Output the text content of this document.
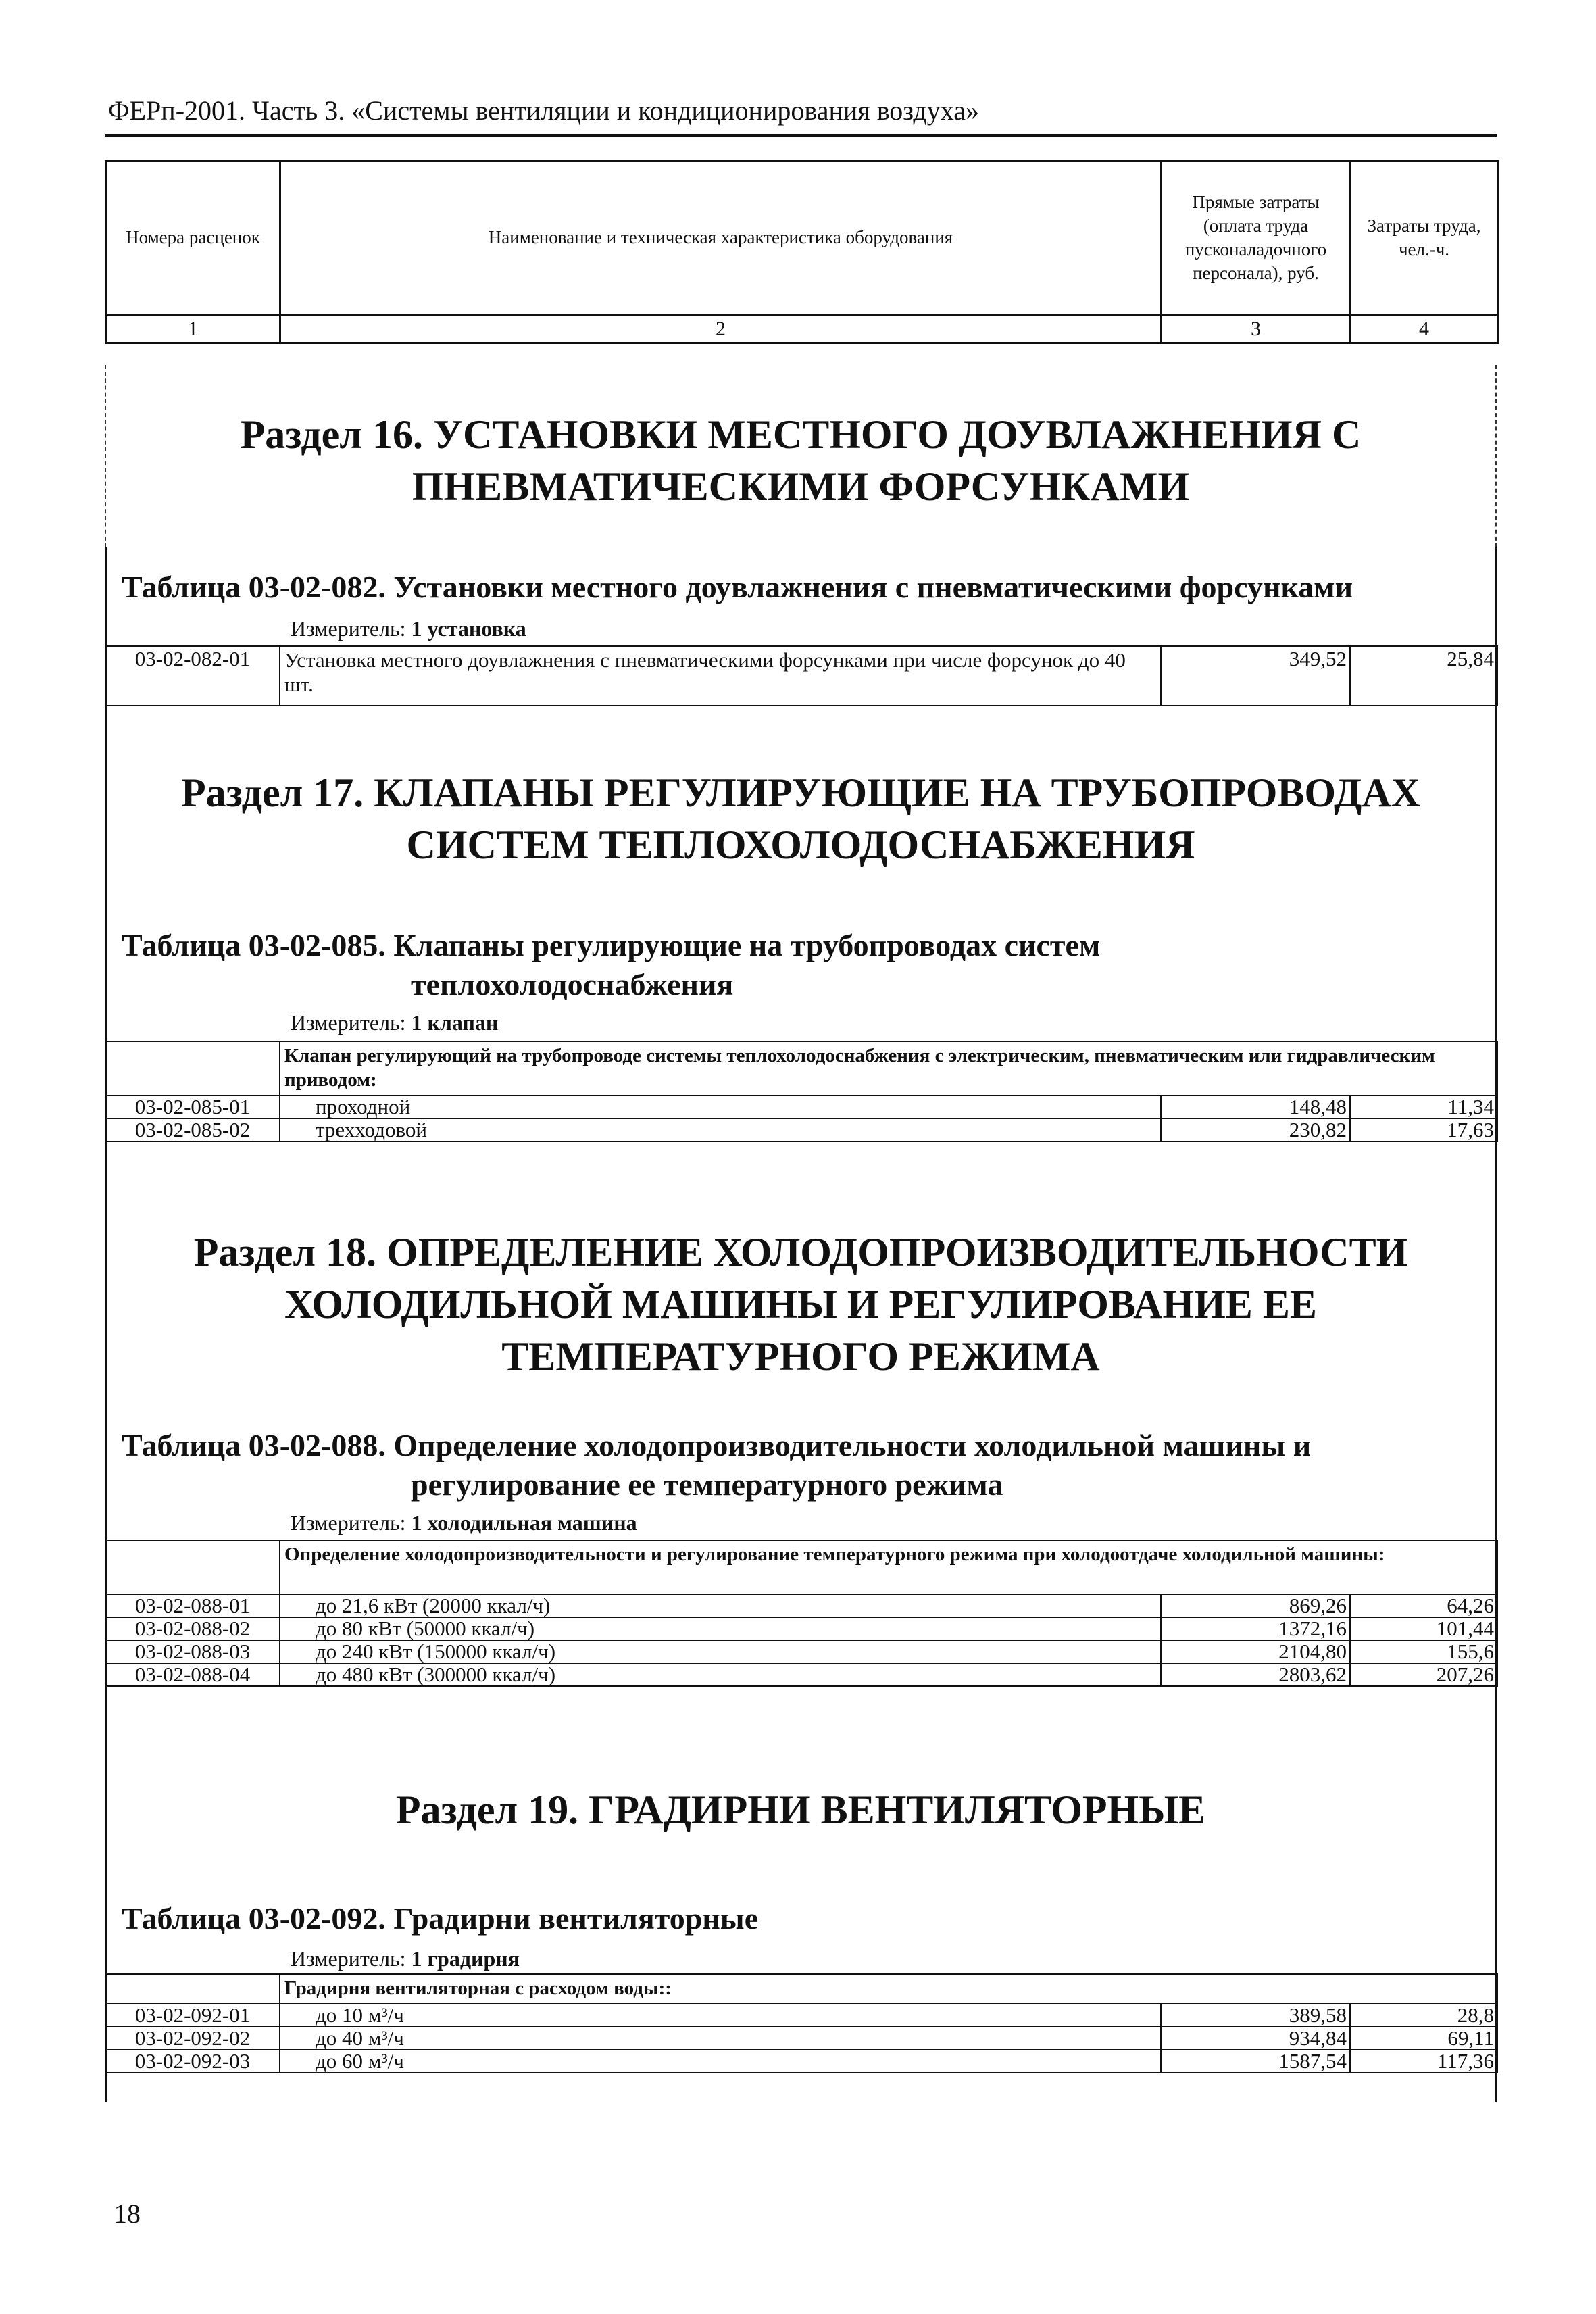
ФЕРп-2001. Часть 3. «Системы вентиляции и кондиционирования воздуха»
Номера расценок	Наименование и техническая характеристика оборудования	Прямые затраты (оплата труда пусконаладочного персонала), руб.	Затраты труда, чел.-ч.
1	2	3	4
Раздел 16. УСТАНОВКИ МЕСТНОГО ДОУВЛАЖНЕНИЯ С
ПНЕВМАТИЧЕСКИМИ ФОРСУНКАМИ
Таблица 03-02-082. Установки местного доувлажнения с пневматическими форсунками
Измеритель: 1 установка
03-02-082-01	Установка местного доувлажнения с пневматическими форсунками при числе форсунок до 40 шт.	349,52	25,84
Раздел 17. КЛАПАНЫ РЕГУЛИРУЮЩИЕ НА ТРУБОПРОВОДАХ
СИСТЕМ ТЕПЛОХОЛОДОСНАБЖЕНИЯ
Таблица 03-02-085. Клапаны регулирующие на трубопроводах систем
теплохолодоснабжения
Измеритель: 1 клапан
	Клапан регулирующий на трубопроводе системы теплохолодоснабжения с электрическим, пневматическим или гидравлическим приводом:		
03-02-085-01	проходной	148,48	11,34
03-02-085-02	трехходовой	230,82	17,63
Раздел 18. ОПРЕДЕЛЕНИЕ ХОЛОДОПРОИЗВОДИТЕЛЬНОСТИ
ХОЛОДИЛЬНОЙ МАШИНЫ И РЕГУЛИРОВАНИЕ ЕЕ
ТЕМПЕРАТУРНОГО РЕЖИМА
Таблица 03-02-088. Определение холодопроизводительности холодильной машины и
регулирование ее температурного режима
Измеритель: 1 холодильная машина
	Определение холодопроизводительности и регулирование температурного режима при холодоотдаче холодильной машины:		
03-02-088-01	до 21,6 кВт (20000 ккал/ч)	869,26	64,26
03-02-088-02	до 80 кВт (50000 ккал/ч)	1372,16	101,44
03-02-088-03	до 240 кВт (150000 ккал/ч)	2104,80	155,6
03-02-088-04	до 480 кВт (300000 ккал/ч)	2803,62	207,26
Раздел 19. ГРАДИРНИ ВЕНТИЛЯТОРНЫЕ
Таблица 03-02-092. Градирни вентиляторные
Измеритель: 1 градирня
	Градирня вентиляторная с расходом воды::		
03-02-092-01	до 10 м³/ч	389,58	28,8
03-02-092-02	до 40 м³/ч	934,84	69,11
03-02-092-03	до 60 м³/ч	1587,54	117,36
18
